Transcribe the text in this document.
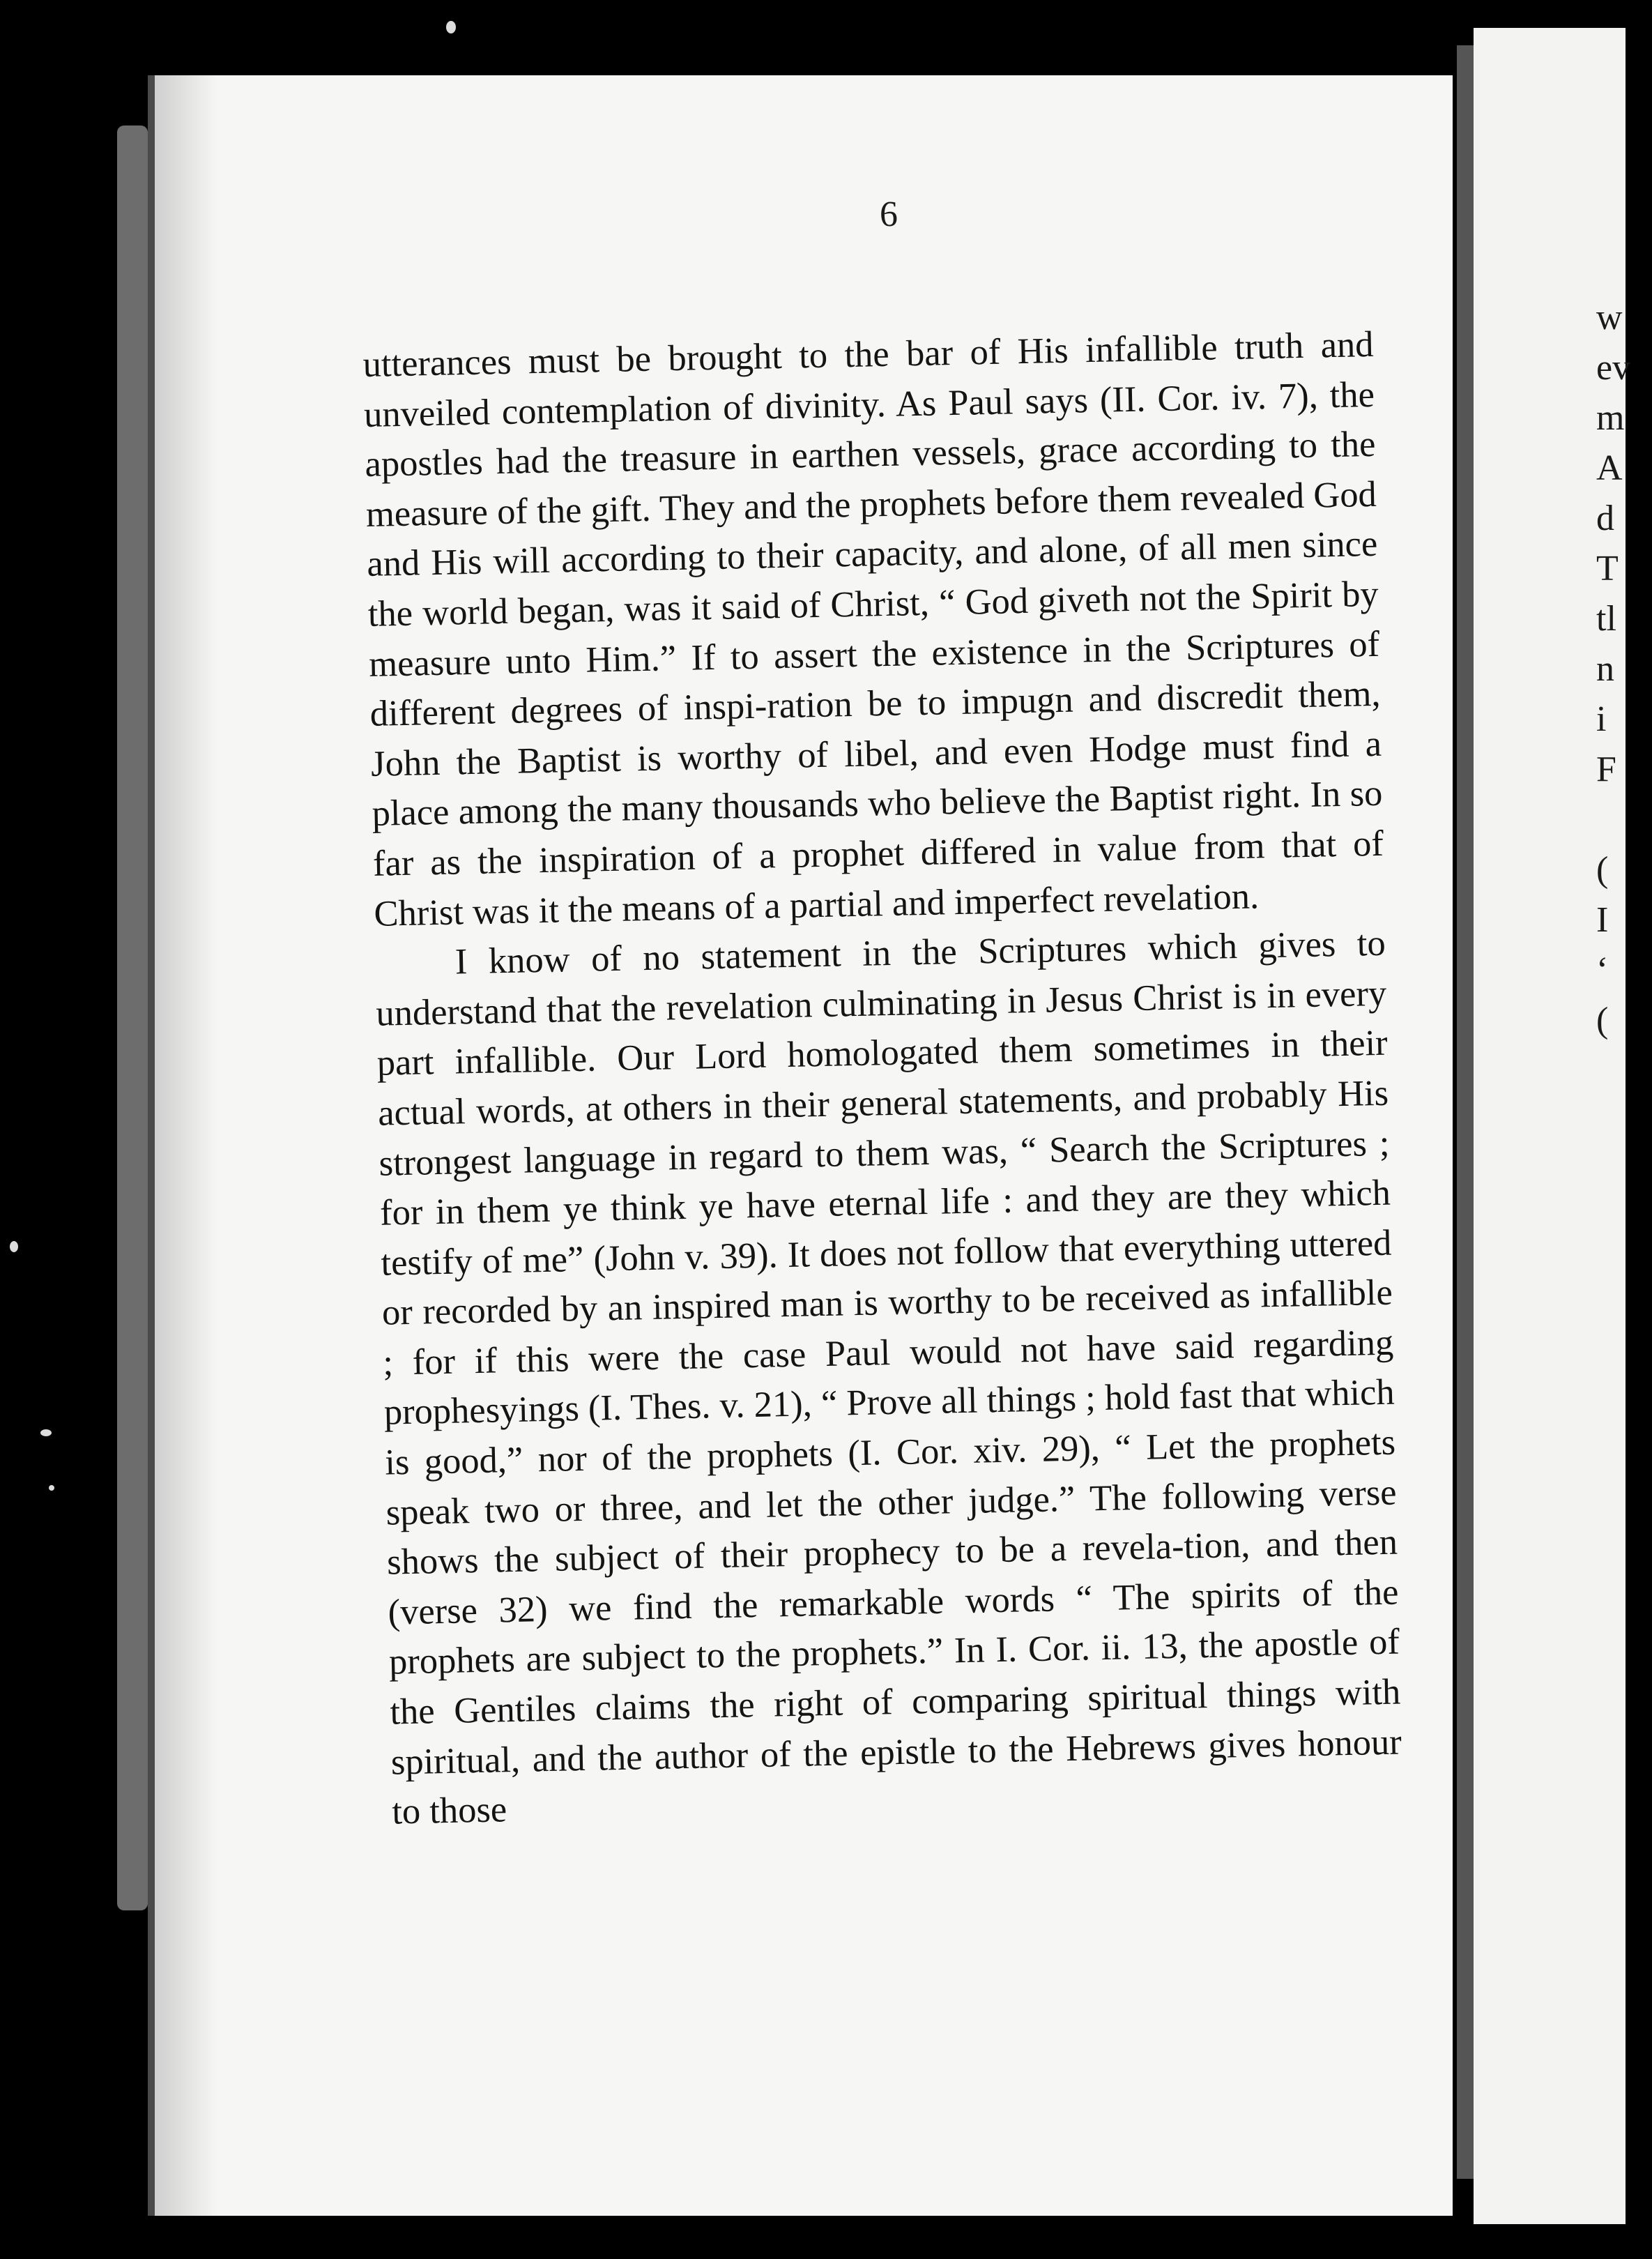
6

utterances must be brought to the bar of His infallible truth and unveiled contemplation of divinity. As Paul says (II. Cor. iv. 7), the apostles had the treasure in earthen vessels, grace according to the measure of the gift. They and the prophets before them revealed God and His will according to their capacity, and alone, of all men since the world began, was it said of Christ, “ God giveth not the Spirit by measure unto Him.” If to assert the existence in the Scriptures of different degrees of inspi-ration be to impugn and discredit them, John the Baptist is worthy of libel, and even Hodge must find a place among the many thousands who believe the Baptist right. In so far as the inspiration of a prophet differed in value from that of Christ was it the means of a partial and imperfect revelation.

I know of no statement in the Scriptures which gives to understand that the revelation culminating in Jesus Christ is in every part infallible. Our Lord homologated them sometimes in their actual words, at others in their general statements, and probably His strongest language in regard to them was, “ Search the Scriptures ; for in them ye think ye have eternal life : and they are they which testify of me” (John v. 39). It does not follow that everything uttered or recorded by an inspired man is worthy to be received as infallible ; for if this were the case Paul would not have said regarding prophesyings (I. Thes. v. 21), “ Prove all things ; hold fast that which is good,” nor of the prophets (I. Cor. xiv. 29), “ Let the prophets speak two or three, and let the other judge.” The following verse shows the subject of their prophecy to be a revela-tion, and then (verse 32) we find the remarkable words “ The spirits of the prophets are subject to the prophets.” In I. Cor. ii. 13, the apostle of the Gentiles claims the right of comparing spiritual things with spiritual, and the author of the epistle to the Hebrews gives honour to those

w
ev
m
A
d
T
tl
n
i
F
(
I
‘
(
